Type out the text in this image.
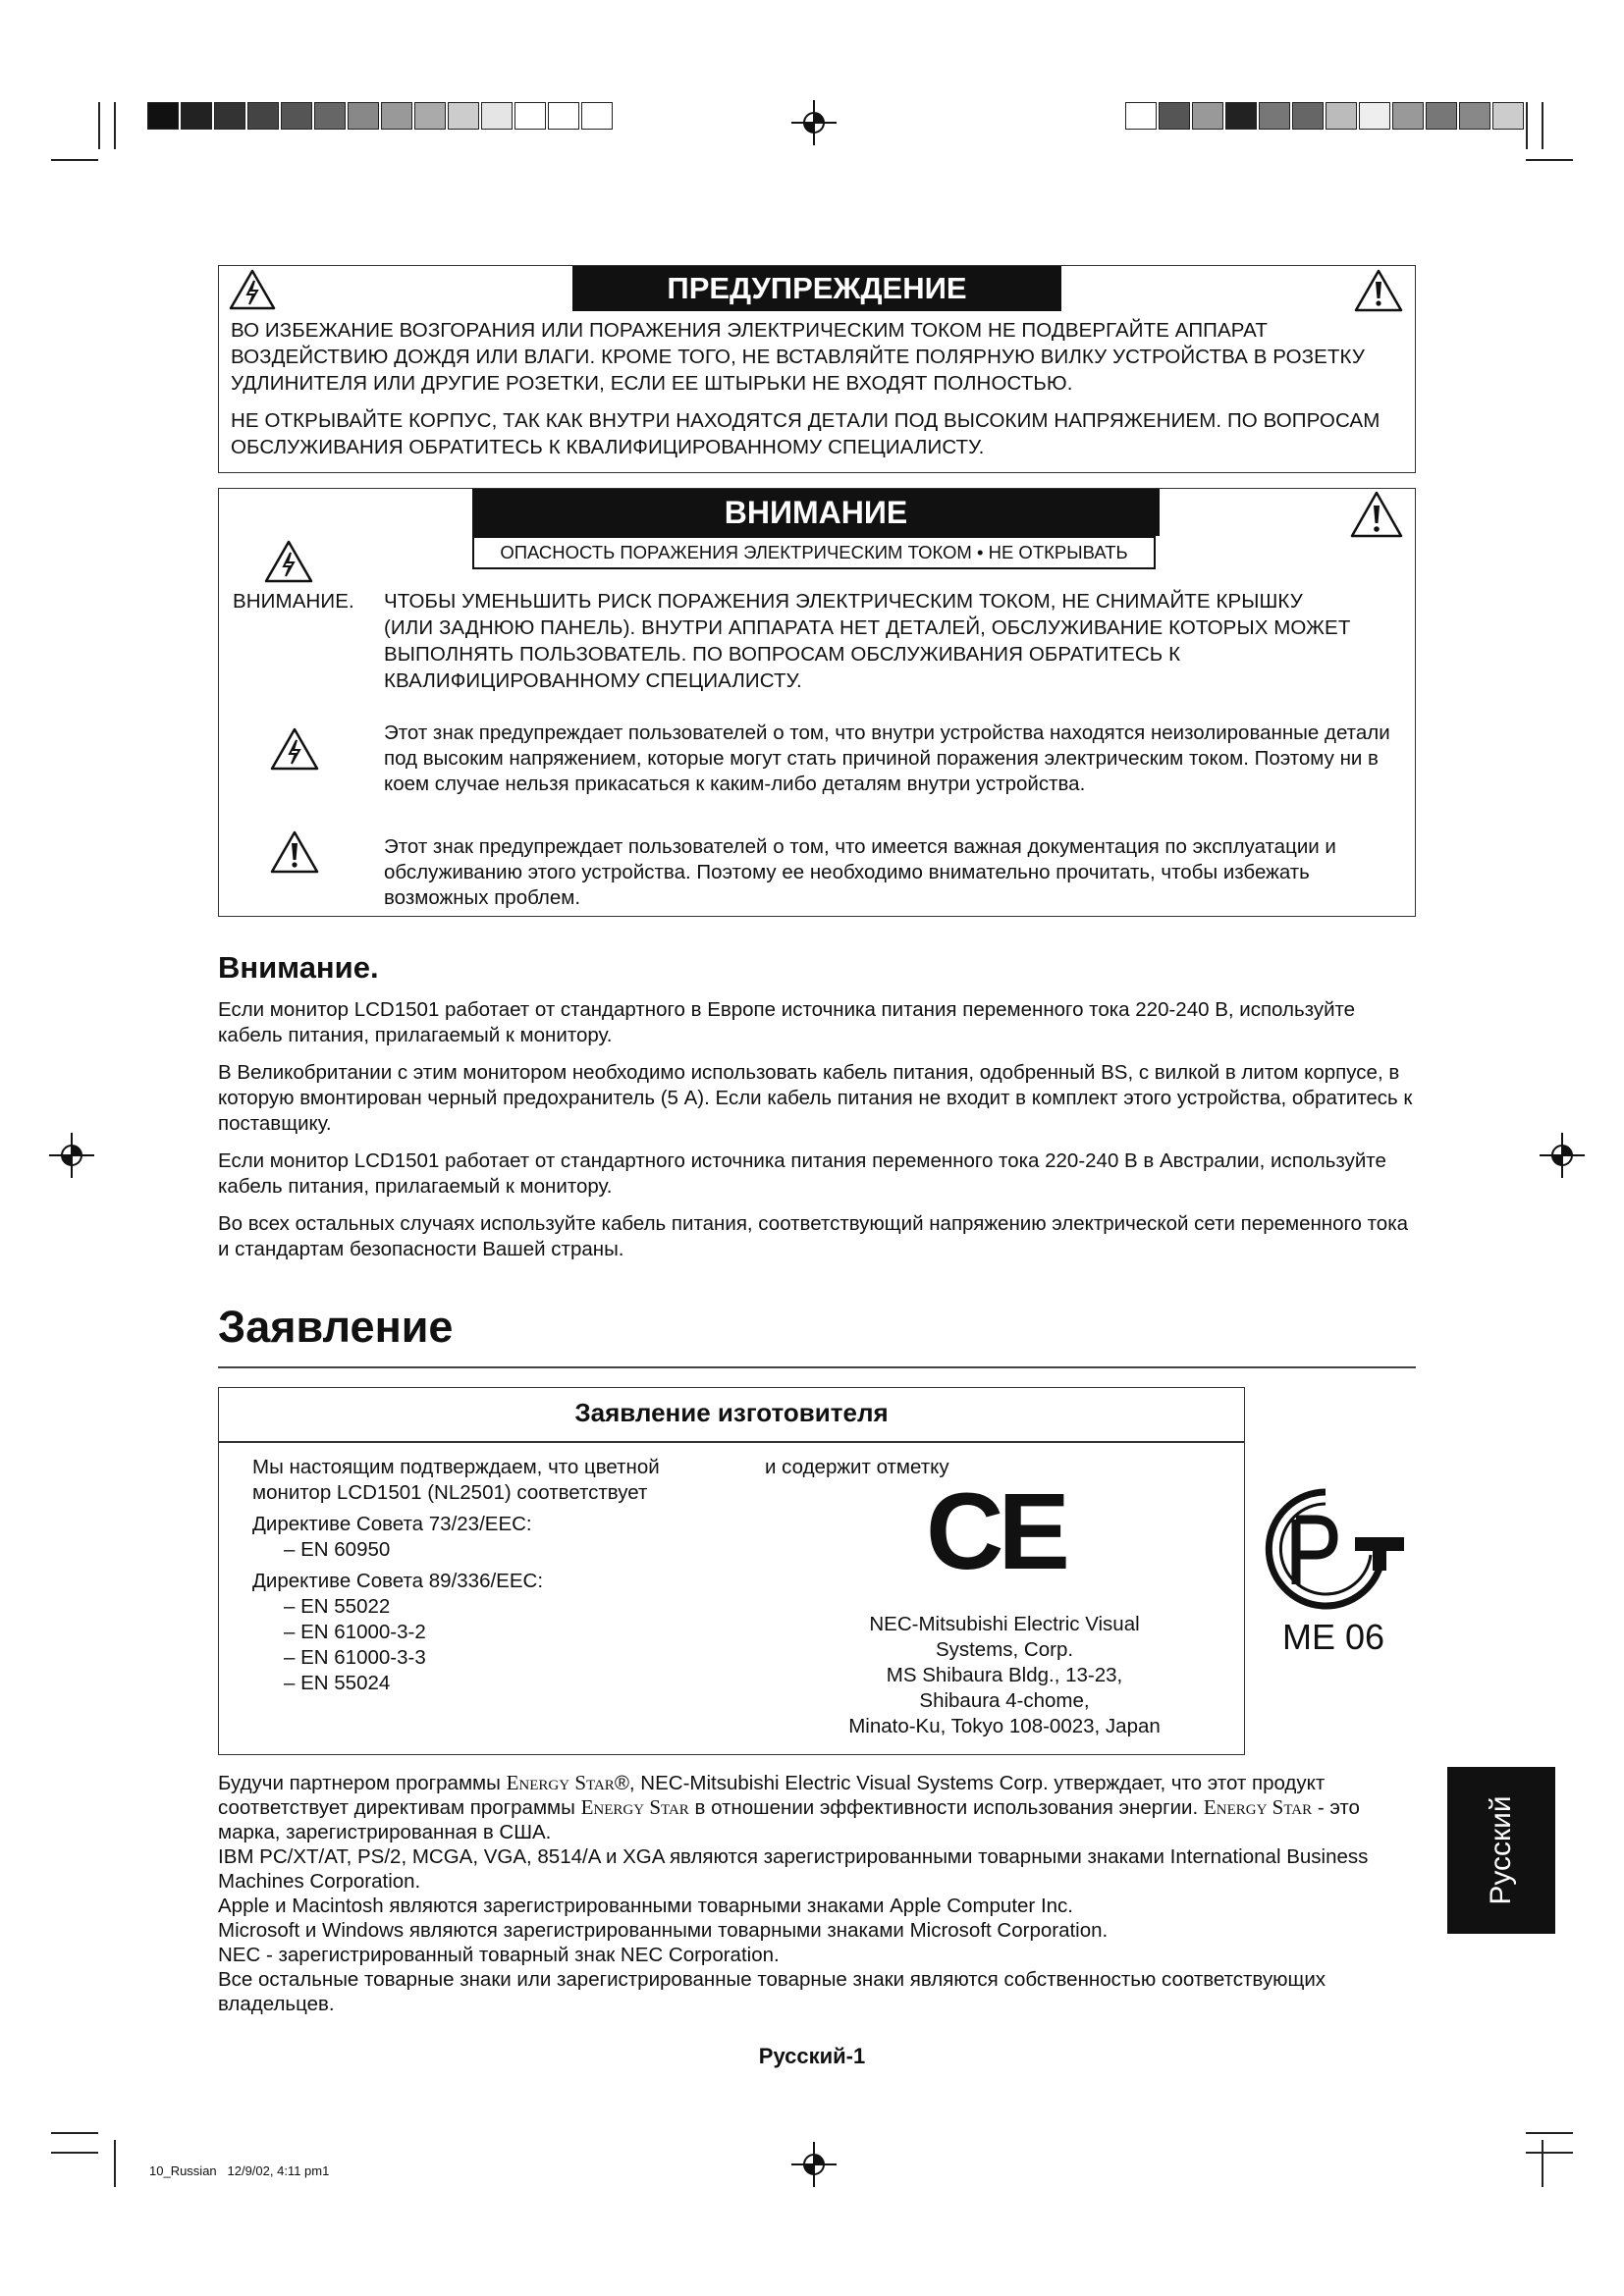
ПРЕДУПРЕЖДЕНИЕ

ВО ИЗБЕЖАНИЕ ВОЗГОРАНИЯ ИЛИ ПОРАЖЕНИЯ ЭЛЕКТРИЧЕСКИМ ТОКОМ НЕ ПОДВЕРГАЙТЕ АППАРАТ ВОЗДЕЙСТВИЮ ДОЖДЯ ИЛИ ВЛАГИ. КРОМЕ ТОГО, НЕ ВСТАВЛЯЙТЕ ПОЛЯРНУЮ ВИЛКУ УСТРОЙСТВА В РОЗЕТКУ УДЛИНИТЕЛЯ ИЛИ ДРУГИЕ РОЗЕТКИ, ЕСЛИ ЕЕ ШТЫРЬКИ НЕ ВХОДЯТ ПОЛНОСТЬЮ.

НЕ ОТКРЫВАЙТЕ КОРПУС, ТАК КАК ВНУТРИ НАХОДЯТСЯ ДЕТАЛИ ПОД ВЫСОКИМ НАПРЯЖЕНИЕМ. ПО ВОПРОСАМ ОБСЛУЖИВАНИЯ ОБРАТИТЕСЬ К КВАЛИФИЦИРОВАННОМУ СПЕЦИАЛИСТУ.

ВНИМАНИЕ
ОПАСНОСТЬ ПОРАЖЕНИЯ ЭЛЕКТРИЧЕСКИМ ТОКОМ • НЕ ОТКРЫВАТЬ

ВНИМАНИЕ. ЧТОБЫ УМЕНЬШИТЬ РИСК ПОРАЖЕНИЯ ЭЛЕКТРИЧЕСКИМ ТОКОМ, НЕ СНИМАЙТЕ КРЫШКУ (ИЛИ ЗАДНЮЮ ПАНЕЛЬ). ВНУТРИ АППАРАТА НЕТ ДЕТАЛЕЙ, ОБСЛУЖИВАНИЕ КОТОРЫХ МОЖЕТ ВЫПОЛНЯТЬ ПОЛЬЗОВАТЕЛЬ. ПО ВОПРОСАМ ОБСЛУЖИВАНИЯ ОБРАТИТЕСЬ К КВАЛИФИЦИРОВАННОМУ СПЕЦИАЛИСТУ.

Этот знак предупреждает пользователей о том, что внутри устройства находятся неизолированные детали под высоким напряжением, которые могут стать причиной поражения электрическим током. Поэтому ни в коем случае нельзя прикасаться к каким-либо деталям внутри устройства.

Этот знак предупреждает пользователей о том, что имеется важная документация по эксплуатации и обслуживанию этого устройства. Поэтому ее необходимо внимательно прочитать, чтобы избежать возможных проблем.

Внимание.

Если монитор LCD1501 работает от стандартного в Европе источника питания переменного тока 220-240 В, используйте кабель питания, прилагаемый к монитору.

В Великобритании с этим монитором необходимо использовать кабель питания, одобренный BS, с вилкой в литом корпусе, в которую вмонтирован черный предохранитель (5 А). Если кабель питания не входит в комплект этого устройства, обратитесь к поставщику.

Если монитор LCD1501 работает от стандартного источника питания переменного тока 220-240 В в Австралии, используйте кабель питания, прилагаемый к монитору.

Во всех остальных случаях используйте кабель питания, соответствующий напряжению электрической сети переменного тока и стандартам безопасности Вашей страны.

Заявление
Заявление изготовителя

Мы настоящим подтверждаем, что цветной монитор LCD1501 (NL2501) соответствует

Директиве Совета 73/23/EEC:

– EN 60950

Директиве Совета 89/336/EEC:

– EN 55022

– EN 61000-3-2

– EN 61000-3-3

– EN 55024

и содержит отметку

CE

NEC-Mitsubishi Electric Visual

Systems, Corp.

MS Shibaura Bldg., 13-23,

Shibaura 4-chome,

Minato-Ku, Tokyo 108-0023, Japan

ME 06

Будучи партнером программы Energy Star®, NEC-Mitsubishi Electric Visual Systems Corp. утверждает, что этот продукт соответствует директивам программы Energy Star в отношении эффективности использования энергии. Energy Star - это марка, зарегистрированная в США.

IBM PC/XT/AT, PS/2, MCGA, VGA, 8514/A и XGA являются зарегистрированными товарными знаками International Business Machines Corporation.

Apple и Macintosh являются зарегистрированными товарными знаками Apple Computer Inc.

Microsoft и Windows являются зарегистрированными товарными знаками Microsoft Corporation.

NEC - зарегистрированный товарный знак NEC Corporation.

Все остальные товарные знаки или зарегистрированные товарные знаки являются собственностью соответствующих владельцев.

Русский
Русский-1
10_Russian   12/9/02, 4:11 pm1
